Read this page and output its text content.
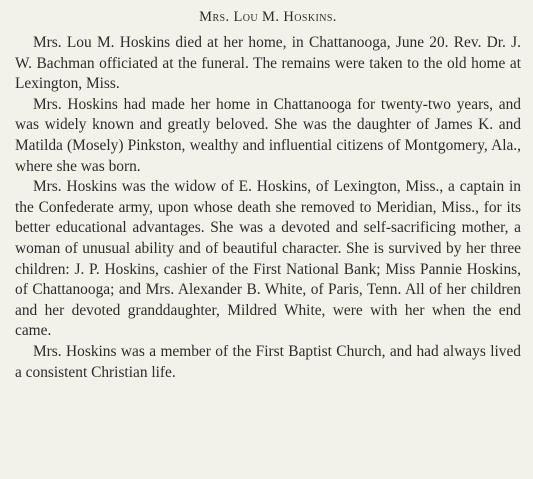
Mrs. Lou M. Hoskins.

Mrs. Lou M. Hoskins died at her home, in Chattanooga, June 20. Rev. Dr. J. W. Bachman officiated at the funeral. The remains were taken to the old home at Lexington, Miss.

Mrs. Hoskins had made her home in Chattanooga for twenty-two years, and was widely known and greatly beloved. She was the daughter of James K. and Matilda (Mosely) Pinkston, wealthy and influential citizens of Montgomery, Ala., where she was born.

Mrs. Hoskins was the widow of E. Hoskins, of Lexington, Miss., a captain in the Confederate army, upon whose death she removed to Meridian, Miss., for its better educational advantages. She was a devoted and self-sacrificing mother, a woman of unusual ability and of beautiful character. She is survived by her three children: J. P. Hoskins, cashier of the First National Bank; Miss Pannie Hoskins, of Chattanooga; and Mrs. Alexander B. White, of Paris, Tenn. All of her children and her devoted granddaughter, Mildred White, were with her when the end came.

Mrs. Hoskins was a member of the First Baptist Church, and had always lived a consistent Christian life.
